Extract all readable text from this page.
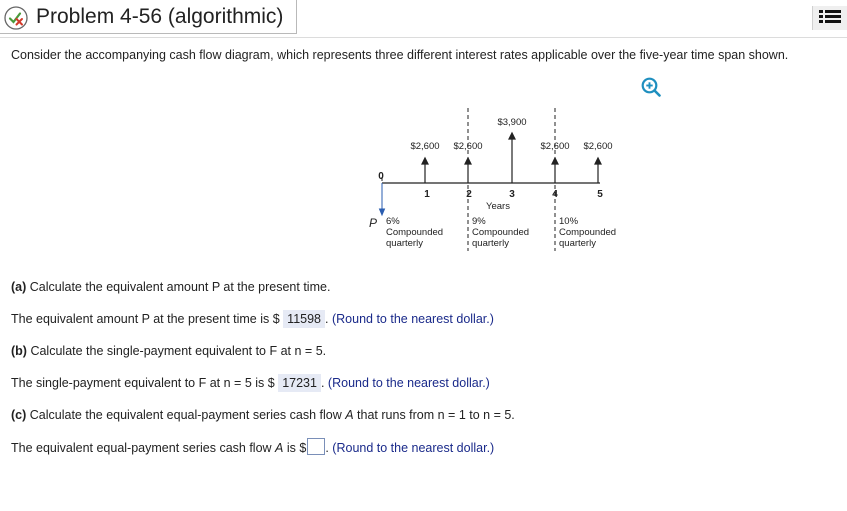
Problem 4-56 (algorithmic)
Consider the accompanying cash flow diagram, which represents three different interest rates applicable over the five-year time span shown.
$2,600 $2,600
$3,900
$2,600 $2,600
0
1	2	3	4	5
Years
P 6%
Compounded
quarterly
9%
Compounded
quarterly
10%
Compounded
quarterly
(a) Calculate the equivalent amount P at the present time.
The equivalent amount P at the present time is $ 11598 . (Round to the nearest dollar.)
(b) Calculate the single-payment equivalent to F at n = 5.
The single-payment equivalent to F at n = 5 is $ 17231 . (Round to the nearest dollar.)
(c) Calculate the equivalent equal-payment series cash flow A that runs from n = 1 to n = 5.
The equivalent equal-payment series cash flow A is $ . (Round to the nearest dollar.)
